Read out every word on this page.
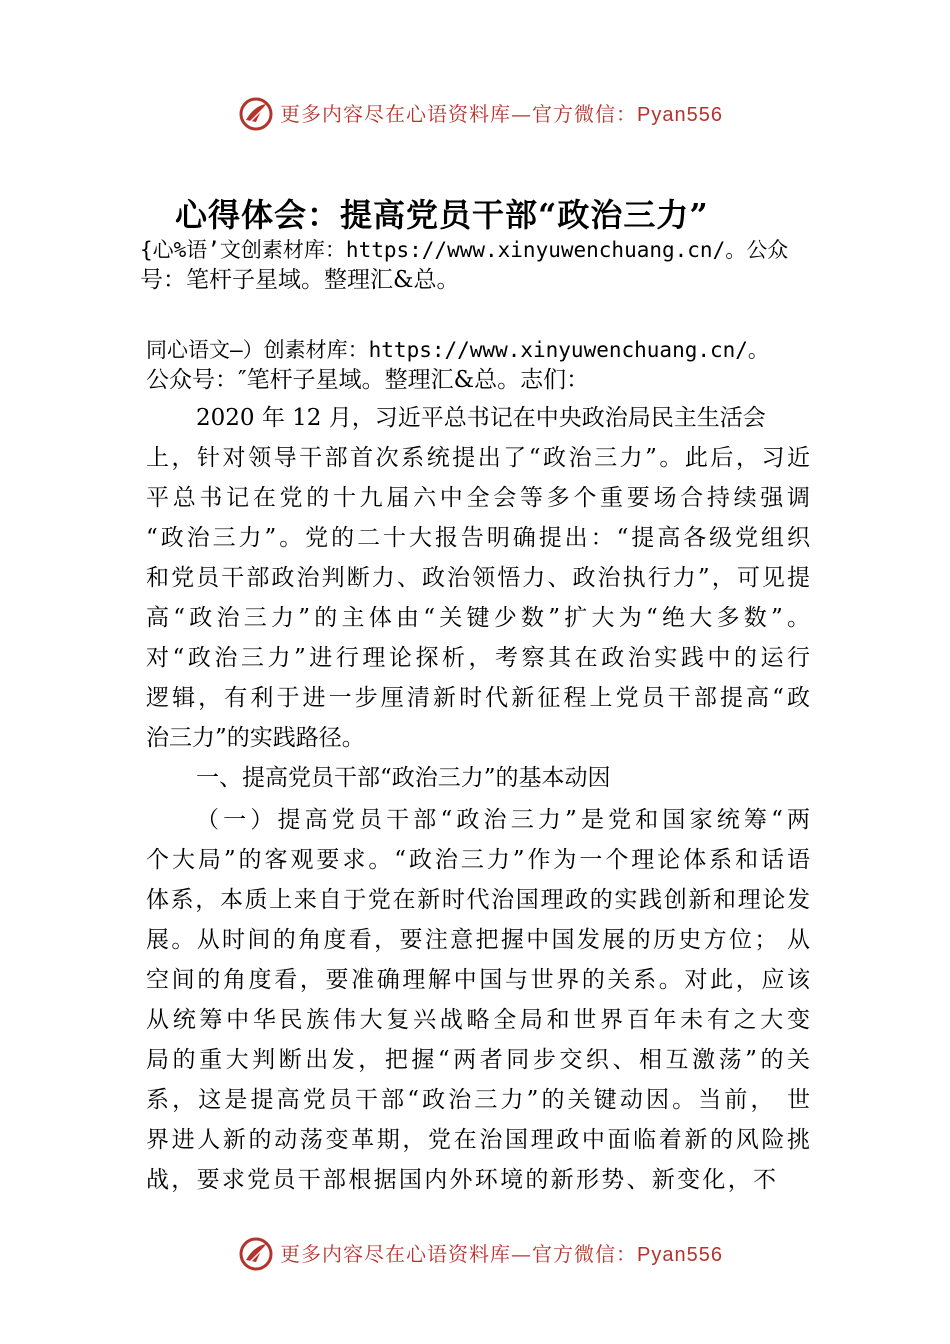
更多内容尽在心语资料库—官方微信：Pyan556
心得体会：提高党员干部“政治三力”
{心%语’文创素材库：https://www.xinyuwenchuang.cn/。公众
号：笔杆子星域。整理汇&总。
同心语文—）创素材库：https://www.xinyuwenchuang.cn/。
公众号：″笔杆子星域。整理汇&总。志们：
2020 年 12 月，习近平总书记在中央政治局民主生活会
上，针对领导干部首次系统提出了“政治三力”。此后，习近
平总书记在党的十九届六中全会等多个重要场合持续强调
“政治三力”。党的二十大报告明确提出：“提高各级党组织
和党员干部政治判断力、政治领悟力、政治执行力”，可见提
高“政治三力”的主体由“关键少数”扩大为“绝大多数”。
对“政治三力”进行理论探析，考察其在政治实践中的运行
逻辑，有利于进一步厘清新时代新征程上党员干部提高“政
治三力”的实践路径。
一、提高党员干部“政治三力”的基本动因
（一）提高党员干部“政治三力”是党和国家统筹“两
个大局”的客观要求。“政治三力”作为一个理论体系和话语
体系，本质上来自于党在新时代治国理政的实践创新和理论发
展。从时间的角度看，要注意把握中国发展的历史方位； 从
空间的角度看，要准确理解中国与世界的关系。对此，应该
从统筹中华民族伟大复兴战略全局和世界百年未有之大变
局的重大判断出发，把握“两者同步交织、相互激荡”的关
系，这是提高党员干部“政治三力”的关键动因。当前， 世
界进人新的动荡变革期，党在治国理政中面临着新的风险挑
战，要求党员干部根据国内外环境的新形势、新变化，不
更多内容尽在心语资料库—官方微信：Pyan556
